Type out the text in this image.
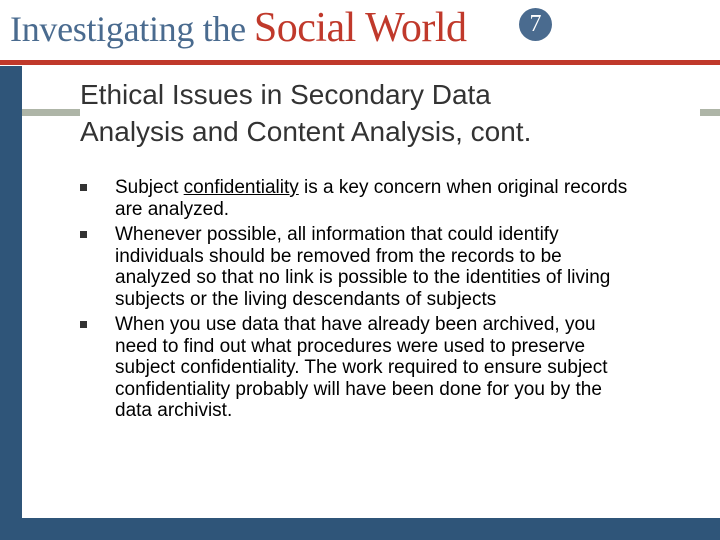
Investigating the Social World	7
Ethical Issues in Secondary Data
Analysis and Content Analysis, cont.
Subject confidentiality is a key concern when original records are analyzed.
Whenever possible, all information that could identify individuals should be removed from the records to be analyzed so that no link is possible to the identities of living subjects or the living descendants of subjects
When you use data that have already been archived, you need to find out what procedures were used to preserve subject confidentiality. The work required to ensure subject confidentiality probably will have been done for you by the data archivist.
